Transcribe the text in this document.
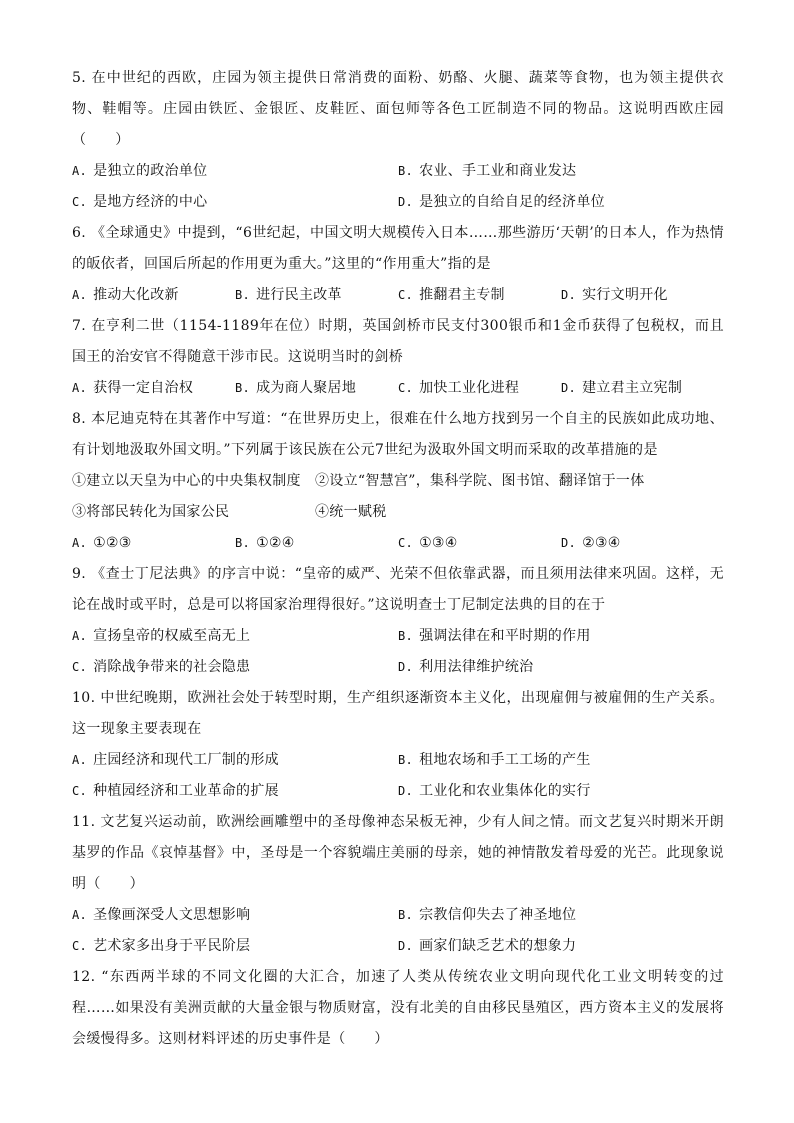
5. 在中世纪的西欧，庄园为领主提供日常消费的面粉、奶酪、火腿、蔬菜等食物，也为领主提供衣物、鞋帽等。庄园由铁匠、金银匠、皮鞋匠、面包师等各色工匠制造不同的物品。这说明西欧庄园（　　）

A. 是独立的政治单位	B. 农业、手工业和商业发达
C. 是地方经济的中心	D. 是独立的自给自足的经济单位

6. 《全球通史》中提到，“6世纪起，中国文明大规模传入日本……那些游历‘天朝’的日本人，作为热情的皈依者，回国后所起的作用更为重大。”这里的“作用重大”指的是

A. 推动大化改新	B. 进行民主改革	C. 推翻君主专制	D. 实行文明开化

7. 在亨利二世（1154-1189年在位）时期，英国剑桥市民支付300银币和1金币获得了包税权，而且国王的治安官不得随意干涉市民。这说明当时的剑桥

A. 获得一定自治权	B. 成为商人聚居地	C. 加快工业化进程	D. 建立君主立宪制

8. 本尼迪克特在其著作中写道：“在世界历史上，很难在什么地方找到另一个自主的民族如此成功地、有计划地汲取外国文明。”下列属于该民族在公元7世纪为汲取外国文明而采取的改革措施的是

①建立以天皇为中心的中央集权制度	②设立“智慧宫”，集科学院、图书馆、翻译馆于一体
③将部民转化为国家公民	④统一赋税
A. ①②③	B. ①②④	C. ①③④	D. ②③④

9. 《查士丁尼法典》的序言中说：“皇帝的威严、光荣不但依靠武器，而且须用法律来巩固。这样，无论在战时或平时，总是可以将国家治理得很好。”这说明查士丁尼制定法典的目的在于

A. 宣扬皇帝的权威至高无上	B. 强调法律在和平时期的作用
C. 消除战争带来的社会隐患	D. 利用法律维护统治

10. 中世纪晚期，欧洲社会处于转型时期，生产组织逐渐资本主义化，出现雇佣与被雇佣的生产关系。这一现象主要表现在

A. 庄园经济和现代工厂制的形成	B. 租地农场和手工工场的产生
C. 种植园经济和工业革命的扩展	D. 工业化和农业集体化的实行

11. 文艺复兴运动前，欧洲绘画雕塑中的圣母像神态呆板无神，少有人间之情。而文艺复兴时期米开朗基罗的作品《哀悼基督》中，圣母是一个容貌端庄美丽的母亲，她的神情散发着母爱的光芒。此现象说明（　　）

A. 圣像画深受人文思想影响	B. 宗教信仰失去了神圣地位
C. 艺术家多出身于平民阶层	D. 画家们缺乏艺术的想象力

12. “东西两半球的不同文化圈的大汇合，加速了人类从传统农业文明向现代化工业文明转变的过程……如果没有美洲贡献的大量金银与物质财富，没有北美的自由移民垦殖区，西方资本主义的发展将会缓慢得多。这则材料评述的历史事件是（　　）
